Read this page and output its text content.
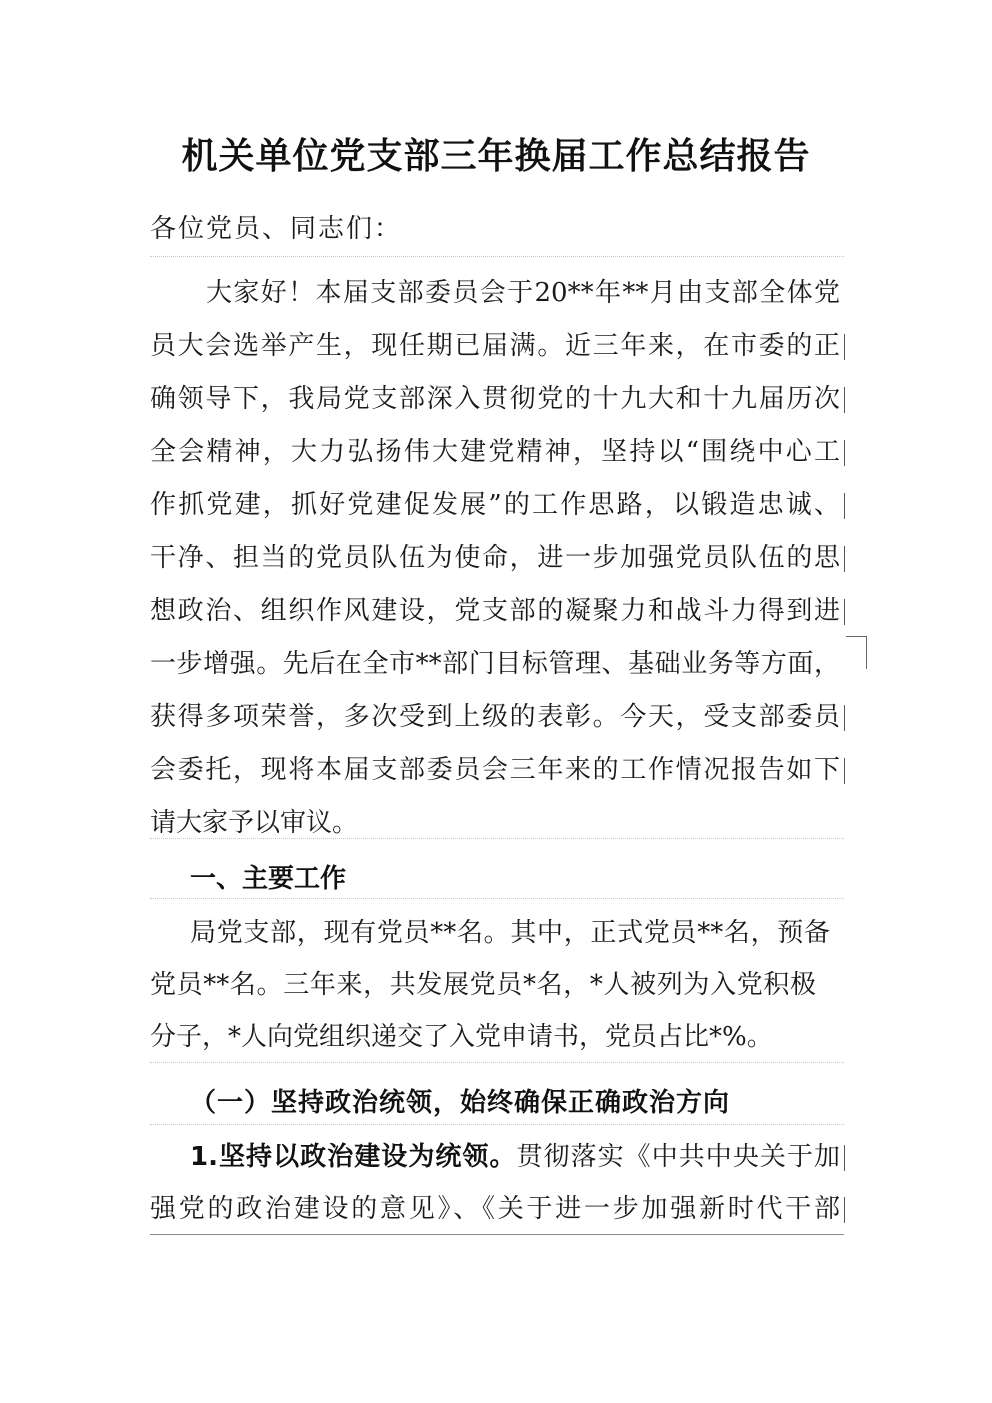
机关单位党支部三年换届工作总结报告
各位党员、同志们：
大家好！本届支部委员会于20**年**月由支部全体党
员大会选举产生，现任期已届满。近三年来，在市委的正
确领导下，我局党支部深入贯彻党的十九大和十九届历次
全会精神，大力弘扬伟大建党精神，坚持以“围绕中心工
作抓党建，抓好党建促发展”的工作思路，以锻造忠诚、
干净、担当的党员队伍为使命，进一步加强党员队伍的思
想政治、组织作风建设，党支部的凝聚力和战斗力得到进
一步增强。先后在全市**部门目标管理、基础业务等方面，
获得多项荣誉，多次受到上级的表彰。今天，受支部委员
会委托，现将本届支部委员会三年来的工作情况报告如下
请大家予以审议。
一、主要工作
局党支部，现有党员**名。其中，正式党员**名，预备
党员**名。三年来，共发展党员*名，*人被列为入党积极
分子，*人向党组织递交了入党申请书，党员占比*%。
（一）坚持政治统领，始终确保正确政治方向
1.坚持以政治建设为统领。贯彻落实《中共中央关于加
强党的政治建设的意见》、《关于进一步加强新时代干部
